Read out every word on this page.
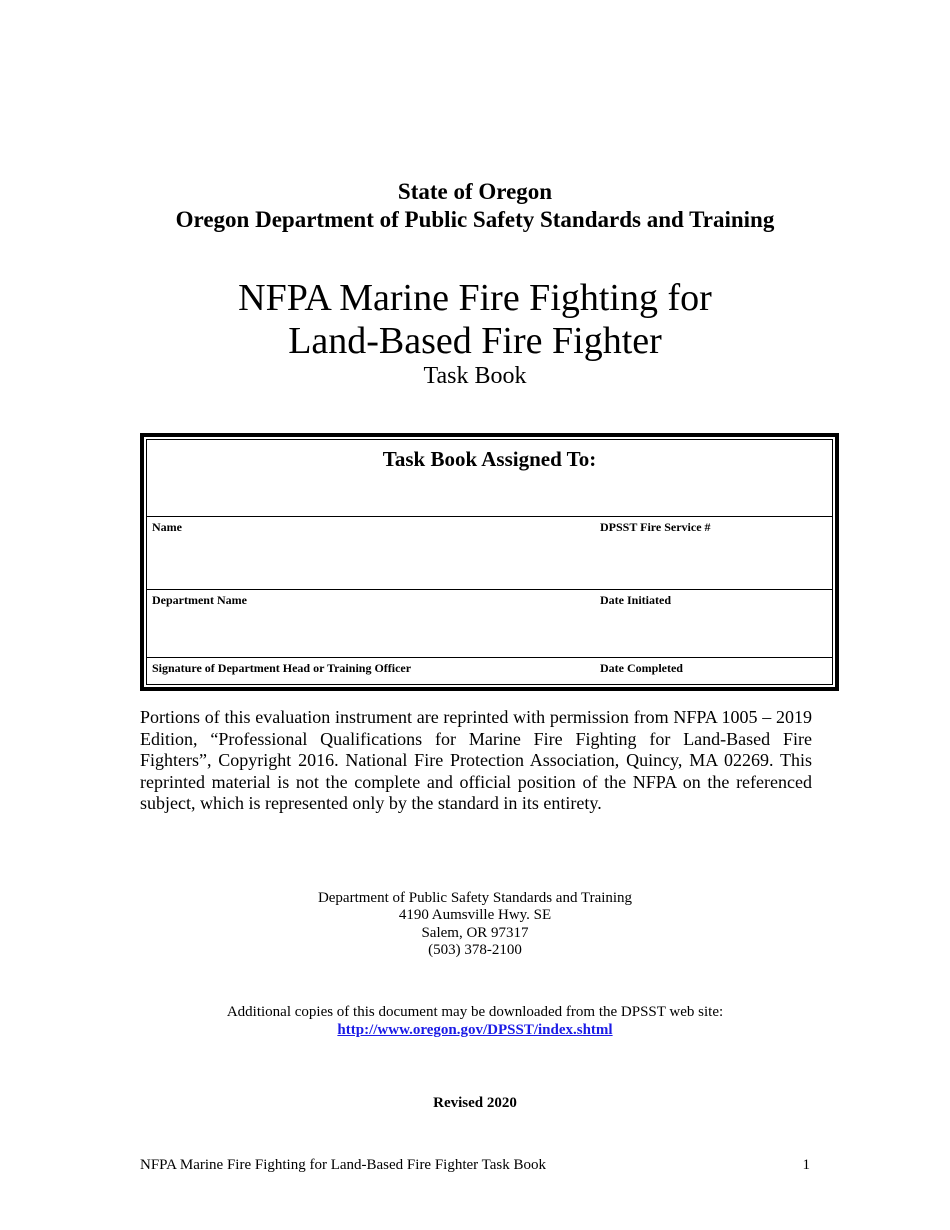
State of Oregon
Oregon Department of Public Safety Standards and Training
NFPA Marine Fire Fighting for
Land-Based Fire Fighter
Task Book
Task Book Assigned To:
Name	DPSST Fire Service #
Department Name	Date Initiated
Signature of Department Head or Training Officer	Date Completed
Portions of this evaluation instrument are reprinted with permission from NFPA 1005 – 2019 Edition, “Professional Qualifications for Marine Fire Fighting for Land-Based Fire Fighters”, Copyright 2016. National Fire Protection Association, Quincy, MA 02269. This reprinted material is not the complete and official position of the NFPA on the referenced subject, which is represented only by the standard in its entirety.
Department of Public Safety Standards and Training
4190 Aumsville Hwy. SE
Salem, OR 97317
(503) 378-2100
Additional copies of this document may be downloaded from the DPSST web site:
http://www.oregon.gov/DPSST/index.shtml
Revised 2020
NFPA Marine Fire Fighting for Land-Based Fire Fighter Task Book	1
